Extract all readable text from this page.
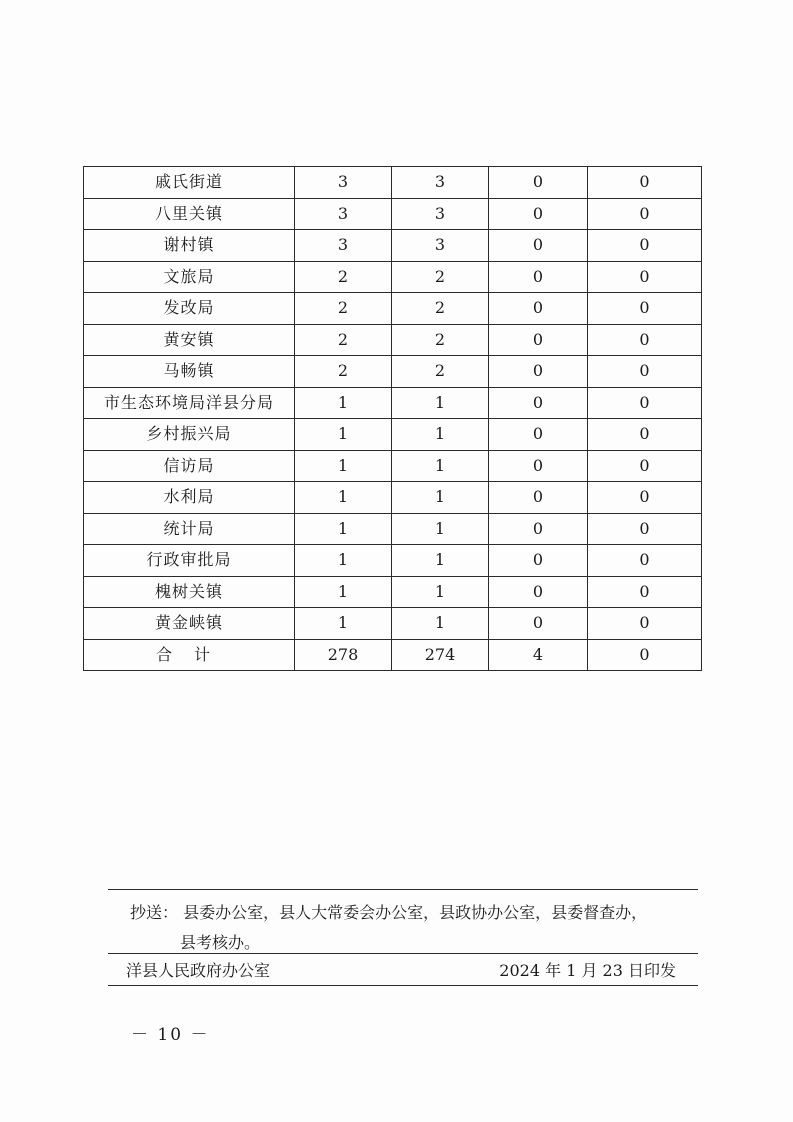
戚氏街道	3	3	0	0
八里关镇	3	3	0	0
谢村镇	3	3	0	0
文旅局	2	2	0	0
发改局	2	2	0	0
黄安镇	2	2	0	0
马畅镇	2	2	0	0
市生态环境局洋县分局	1	1	0	0
乡村振兴局	1	1	0	0
信访局	1	1	0	0
水利局	1	1	0	0
统计局	1	1	0	0
行政审批局	1	1	0	0
槐树关镇	1	1	0	0
黄金峡镇	1	1	0	0
合计	278	274	4	0
抄送： 县委办公室，县人大常委会办公室，县政协办公室，县委督查办，
县考核办。
洋县人民政府办公室	2024 年 1 月 23 日印发
－ 10 －
